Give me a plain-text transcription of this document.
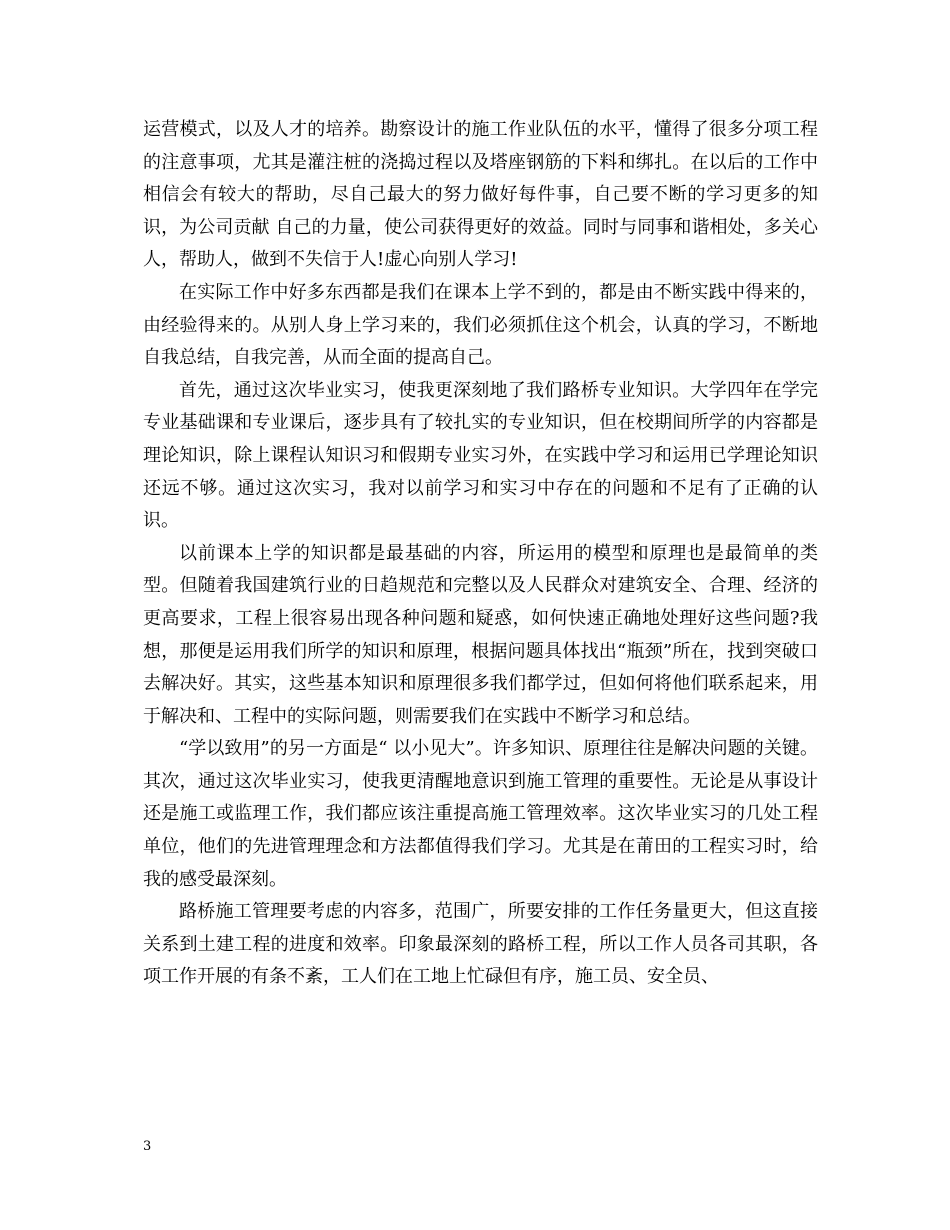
运营模式，以及人才的培养。勘察设计的施工作业队伍的水平，懂得了很多分项工程的注意事项，尤其是灌注桩的浇捣过程以及塔座钢筋的下料和绑扎。在以后的工作中相信会有较大的帮助，尽自己最大的努力做好每件事，自己要不断的学习更多的知识，为公司贡献 自己的力量，使公司获得更好的效益。同时与同事和谐相处，多关心人，帮助人，做到不失信于人!虚心向别人学习!

在实际工作中好多东西都是我们在课本上学不到的，都是由不断实践中得来的，由经验得来的。从别人身上学习来的，我们必须抓住这个机会，认真的学习，不断地自我总结，自我完善，从而全面的提高自己。

首先，通过这次毕业实习，使我更深刻地了我们路桥专业知识。大学四年在学完专业基础课和专业课后，逐步具有了较扎实的专业知识，但在校期间所学的内容都是理论知识，除上课程认知识习和假期专业实习外，在实践中学习和运用已学理论知识还远不够。通过这次实习，我对以前学习和实习中存在的问题和不足有了正确的认识。

以前课本上学的知识都是最基础的内容，所运用的模型和原理也是最简单的类型。但随着我国建筑行业的日趋规范和完整以及人民群众对建筑安全、合理、经济的更高要求，工程上很容易出现各种问题和疑惑，如何快速正确地处理好这些问题?我想，那便是运用我们所学的知识和原理，根据问题具体找出“瓶颈”所在，找到突破口去解决好。其实，这些基本知识和原理很多我们都学过，但如何将他们联系起来，用于解决和、工程中的实际问题，则需要我们在实践中不断学习和总结。

“学以致用”的另一方面是“ 以小见大”。许多知识、原理往往是解决问题的关键。其次，通过这次毕业实习，使我更清醒地意识到施工管理的重要性。无论是从事设计还是施工或监理工作，我们都应该注重提高施工管理效率。这次毕业实习的几处工程单位，他们的先进管理理念和方法都值得我们学习。尤其是在莆田的工程实习时，给我的感受最深刻。

路桥施工管理要考虑的内容多，范围广，所要安排的工作任务量更大，但这直接关系到土建工程的进度和效率。印象最深刻的路桥工程，所以工作人员各司其职，各项工作开展的有条不紊，工人们在工地上忙碌但有序，施工员、安全员、

3
